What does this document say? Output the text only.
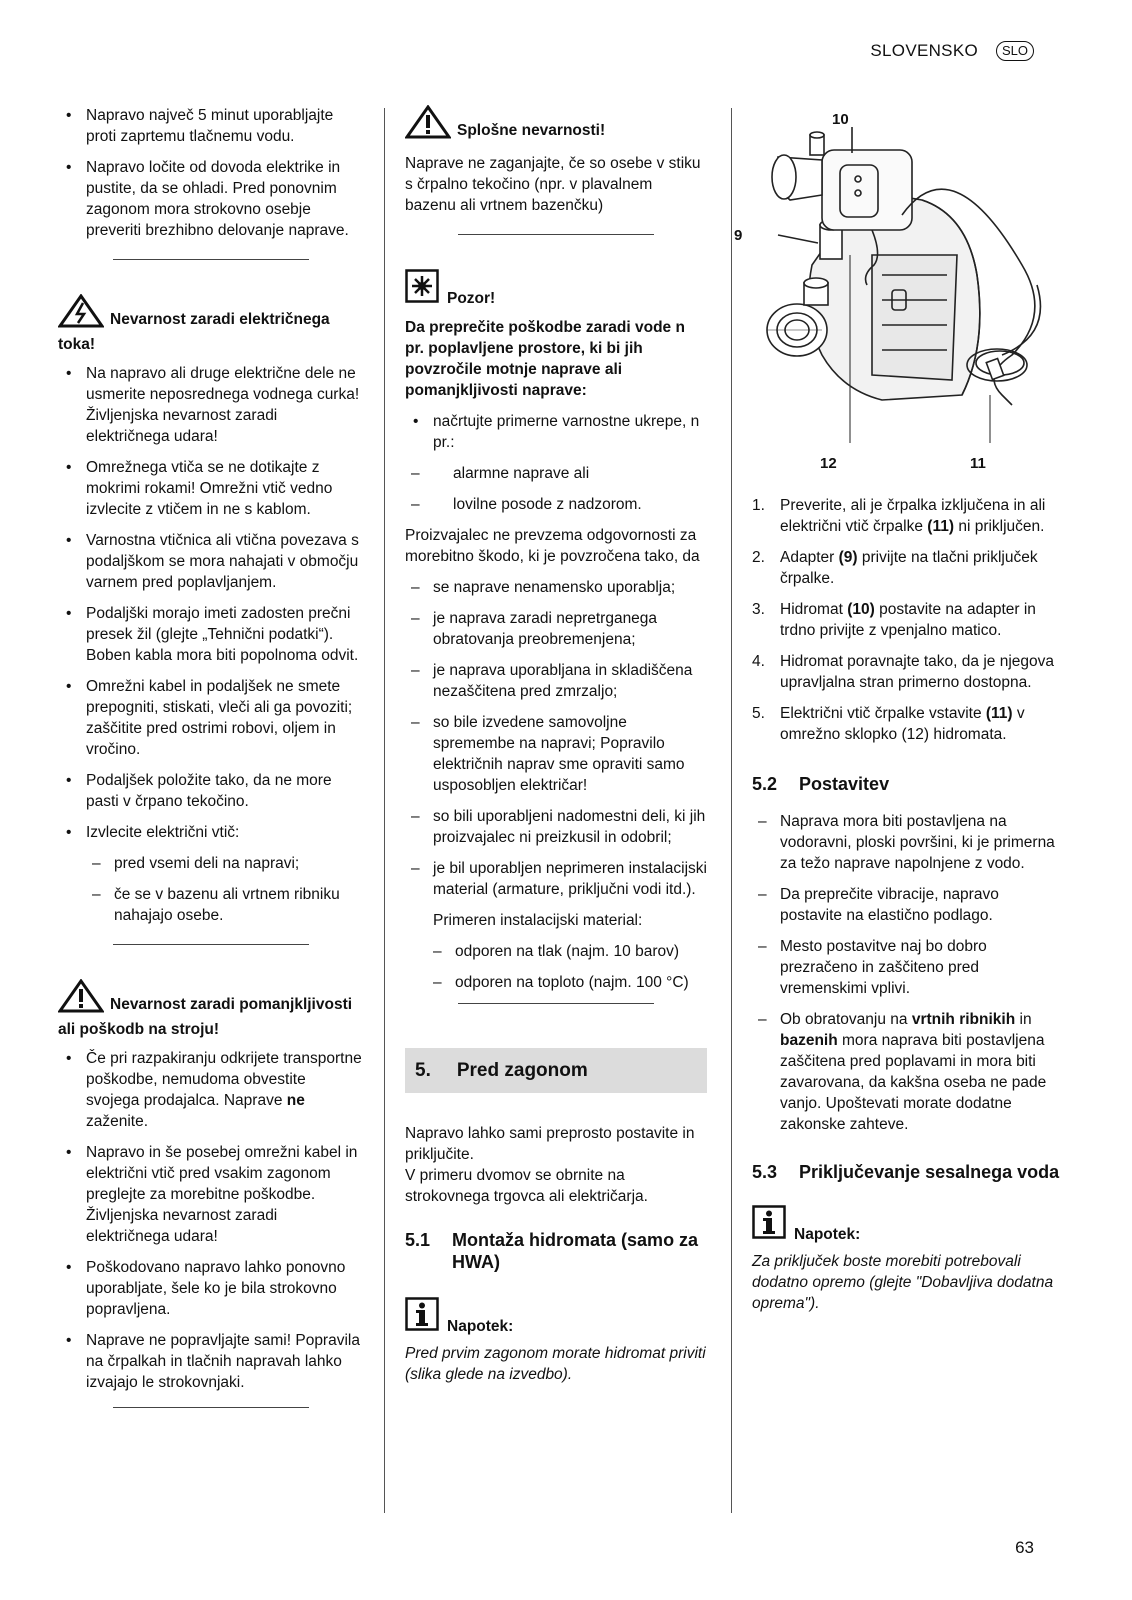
SLOVENSKO	SLO
• Napravo največ 5 minut uporabljajte proti zaprtemu tlačnemu vodu.
• Napravo ločite od dovoda elektrike in pustite, da se ohladi. Pred ponovnim zagonom mora strokovno osebje preveriti brezhibno delovanje naprave.
Nevarnost zaradi električnega toka!
• Na napravo ali druge električne dele ne usmerite neposrednega vodnega curka! Življenjska nevarnost zaradi električnega udara!
• Omrežnega vtiča se ne dotikajte z mokrimi rokami! Omrežni vtič vedno izvlecite z vtičem in ne s kablom.
• Varnostna vtičnica ali vtična povezava s podaljškom se mora nahajati v območju varnem pred poplavljanjem.
• Podaljški morajo imeti zadosten prečni presek žil (glejte „Tehnični podatki“). Boben kabla mora biti popolnoma odvit.
• Omrežni kabel in podaljšek ne smete prepogniti, stiskati, vleči ali ga povoziti; zaščitite pred ostrimi robovi, oljem in vročino.
• Podaljšek položite tako, da ne more pasti v črpano tekočino.
• Izvlecite električni vtič:
– pred vsemi deli na napravi;
– če se v bazenu ali vrtnem ribniku nahajajo osebe.
Nevarnost zaradi pomanjkljivosti ali poškodb na stroju!
• Če pri razpakiranju odkrijete transportne poškodbe, nemudoma obvestite svojega prodajalca. Naprave ne zaženite.
• Napravo in še posebej omrežni kabel in električni vtič pred vsakim zagonom preglejte za morebitne poškodbe. Življenjska nevarnost zaradi električnega udara!
• Poškodovano napravo lahko ponovno uporabljate, šele ko je bila strokovno popravljena.
• Naprave ne popravljajte sami! Popravila na črpalkah in tlačnih napravah lahko izvajajo le strokovnjaki.
Splošne nevarnosti!

Naprave ne zaganjajte, če so osebe v stiku s črpalno tekočino (npr. v plavalnem bazenu ali vrtnem bazenčku)

Pozor!

Da preprečite poškodbe zaradi vode n pr. poplavljene prostore, ki bi jih povzročile motnje naprave ali pomanjkljivosti naprave:

• načrtujte primerne varnostne ukrepe, n pr.:
– alarmne naprave ali
– lovilne posode z nadzorom.

Proizvajalec ne prevzema odgovornosti za morebitno škodo, ki je povzročena tako, da

– se naprave nenamensko uporablja;
– je naprava zaradi nepretrganega obratovanja preobremenjena;
– je naprava uporabljana in skladiščena nezaščitena pred zmrzaljo;
– so bile izvedene samovoljne spremembe na napravi; Popravilo električnih naprav sme opraviti samo usposobljen električar!
– so bili uporabljeni nadomestni deli, ki jih proizvajalec ni preizkusil in odobril;
– je bil uporabljen neprimeren instalacijski material (armature, priključni vodi itd.).

Primeren instalacijski material:

– odporen na tlak (najm. 10 barov)
– odporen na toploto (najm. 100 °C)
5. Pred zagonom

Napravo lahko sami preprosto postavite in priključite.

V primeru dvomov se obrnite na strokovnega trgovca ali električarja.

5.1 Montaža hidromata (samo za HWA)
Napotek:

Pred prvim zagonom morate hidromat priviti (slika glede na izvedbo).

10
9
12	11
1. Preverite, ali je črpalka izključena in ali električni vtič črpalke (11) ni priključen.
2. Adapter (9) privijte na tlačni priključek črpalke.
3. Hidromat (10) postavite na adapter in trdno privijte z vpenjalno matico.
4. Hidromat poravnajte tako, da je njegova upravljalna stran primerno dostopna.
5. Električni vtič črpalke vstavite (11) v omrežno sklopko (12) hidromata.
5.2 Postavitev
– Naprava mora biti postavljena na vodoravni, ploski površini, ki je primerna za težo naprave napolnjene z vodo.
– Da preprečite vibracije, napravo postavite na elastično podlago.
– Mesto postavitve naj bo dobro prezračeno in zaščiteno pred vremenskimi vplivi.
– Ob obratovanju na vrtnih ribnikih in bazenih mora naprava biti postavljena zaščitena pred poplavami in mora biti zavarovana, da kakšna oseba ne pade vanjo. Upoštevati morate dodatne zakonske zahteve.
5.3 Priključevanje sesalnega voda
Napotek:

Za priključek boste morebiti potrebovali dodatno opremo (glejte "Dobavljiva dodatna oprema").

63
